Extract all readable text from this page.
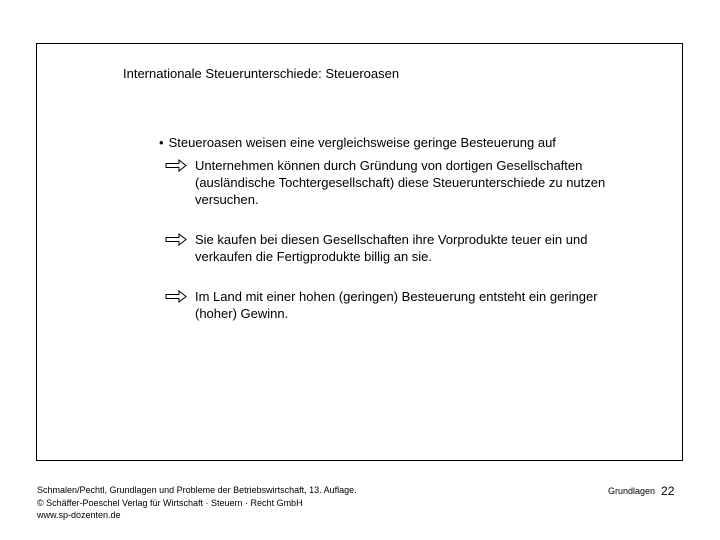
Internationale Steuerunterschiede: Steueroasen
• Steueroasen weisen eine vergleichsweise geringe Besteuerung auf
Unternehmen können durch Gründung von dortigen Gesellschaften (ausländische Tochtergesellschaft) diese Steuerunterschiede zu nutzen versuchen.
Sie kaufen bei diesen Gesellschaften ihre Vorprodukte teuer ein und verkaufen die Fertigprodukte billig an sie.
Im Land mit einer hohen (geringen) Besteuerung entsteht ein geringer (hoher) Gewinn.
Schmalen/Pechtl, Grundlagen und Probleme der Betriebswirtschaft, 13. Auflage.
© Schäffer-Poeschel Verlag für Wirtschaft · Steuern · Recht GmbH
www.sp-dozenten.de
Grundlagen 22
